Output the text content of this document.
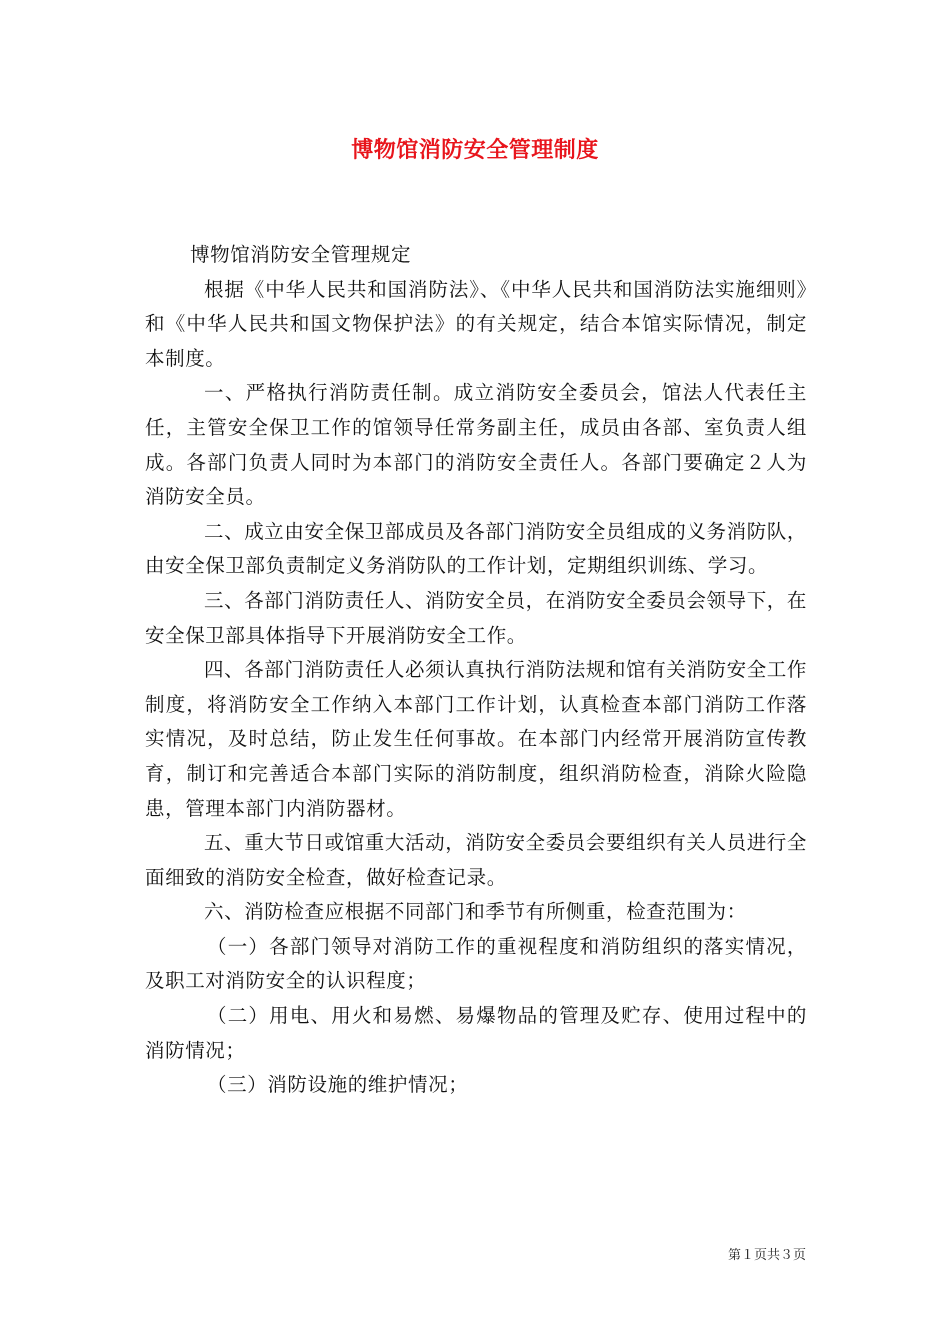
博物馆消防安全管理制度

博物馆消防安全管理规定

根据《中华人民共和国消防法》、《中华人民共和国消防法实施细则》和《中华人民共和国文物保护法》的有关规定，结合本馆实际情况，制定本制度。

一、严格执行消防责任制。成立消防安全委员会，馆法人代表任主任，主管安全保卫工作的馆领导任常务副主任，成员由各部、室负责人组成。各部门负责人同时为本部门的消防安全责任人。各部门要确定２人为消防安全员。

二、成立由安全保卫部成员及各部门消防安全员组成的义务消防队，由安全保卫部负责制定义务消防队的工作计划，定期组织训练、学习。

三、各部门消防责任人、消防安全员，在消防安全委员会领导下，在安全保卫部具体指导下开展消防安全工作。

四、各部门消防责任人必须认真执行消防法规和馆有关消防安全工作制度，将消防安全工作纳入本部门工作计划，认真检查本部门消防工作落实情况，及时总结，防止发生任何事故。在本部门内经常开展消防宣传教育，制订和完善适合本部门实际的消防制度，组织消防检查，消除火险隐患，管理本部门内消防器材。

五、重大节日或馆重大活动，消防安全委员会要组织有关人员进行全面细致的消防安全检查，做好检查记录。

六、消防检查应根据不同部门和季节有所侧重，检查范围为：

（一）各部门领导对消防工作的重视程度和消防组织的落实情况，及职工对消防安全的认识程度；

（二）用电、用火和易燃、易爆物品的管理及贮存、使用过程中的消防情况；

（三）消防设施的维护情况；

第１页共３页
